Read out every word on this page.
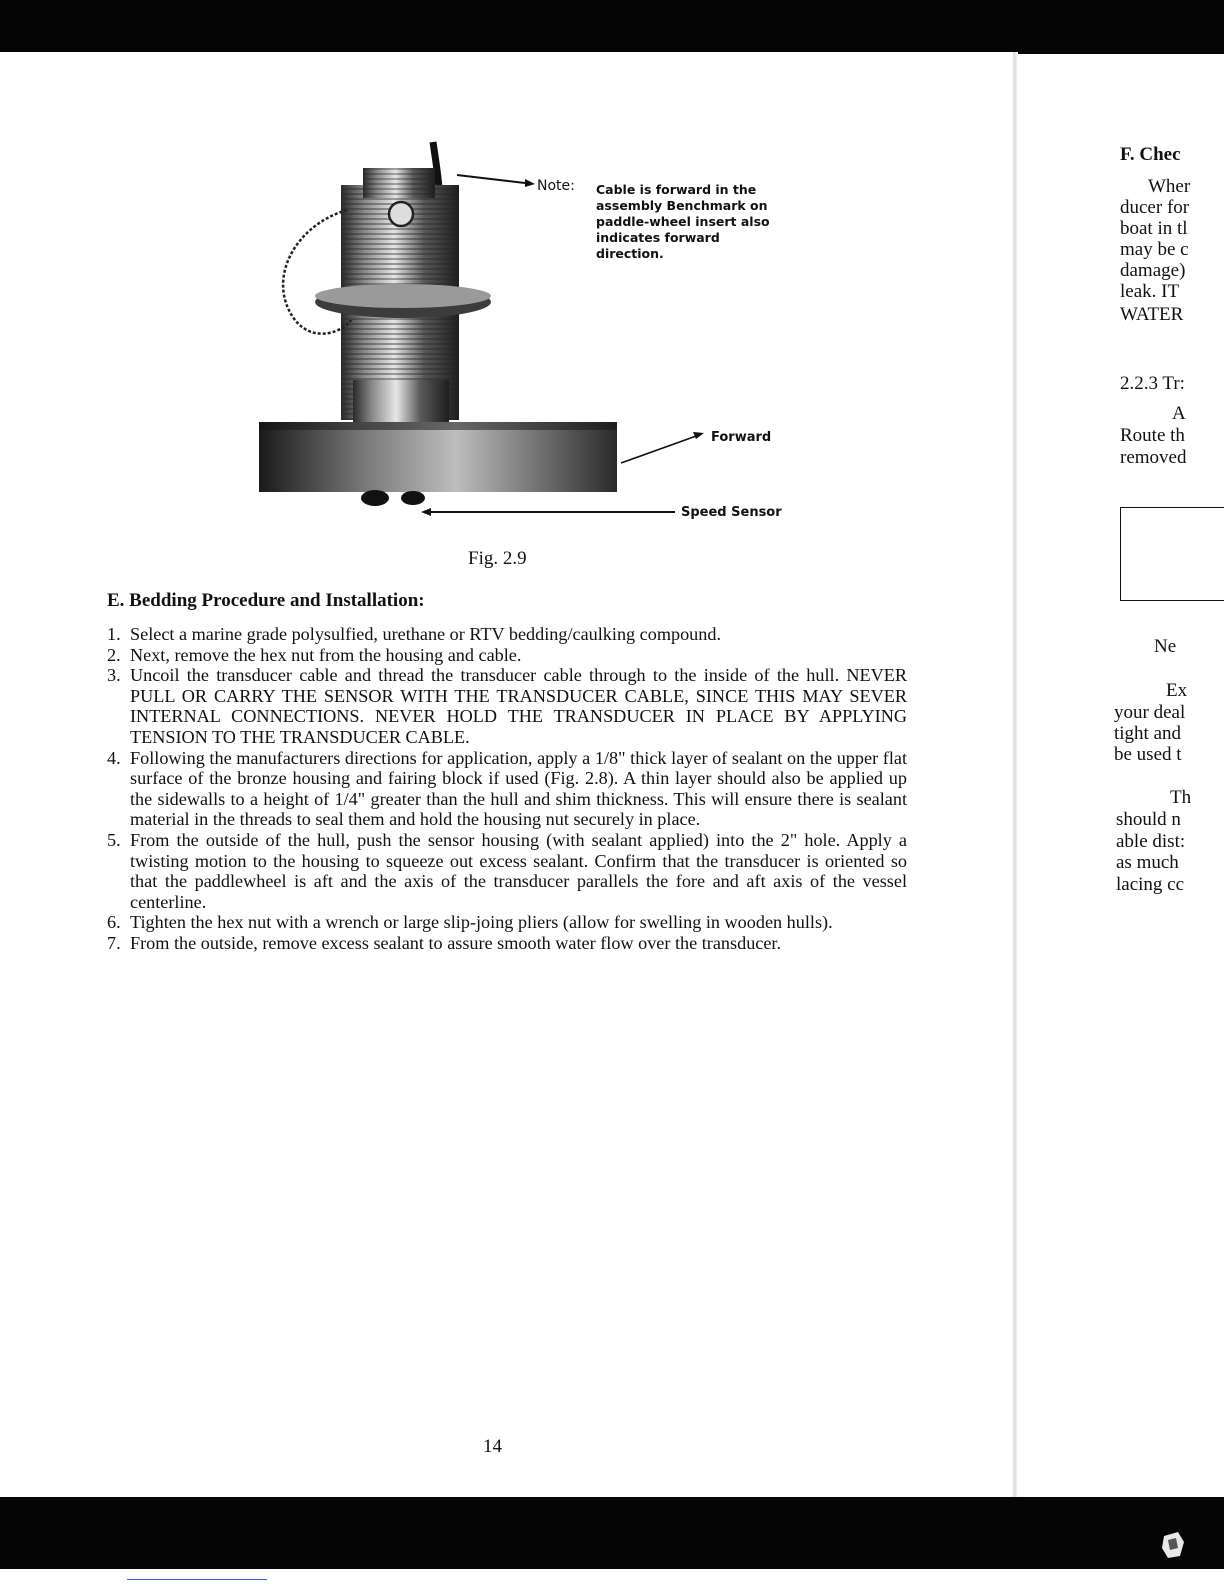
Note: Cable is forward in the assembly Benchmark on paddle-wheel insert also indicates forward direction.
Forward
Speed Sensor
Fig. 2.9
E. Bedding Procedure and Installation:
1. Select a marine grade polysulfied, urethane or RTV bedding/caulking compound.
2. Next, remove the hex nut from the housing and cable.
3. Uncoil the transducer cable and thread the transducer cable through to the inside of the hull. NEVER PULL OR CARRY THE SENSOR WITH THE TRANSDUCER CABLE, SINCE THIS MAY SEVER INTERNAL CONNECTIONS. NEVER HOLD THE TRANSDUCER IN PLACE BY APPLYING TENSION TO THE TRANSDUCER CABLE.
4. Following the manufacturers directions for application, apply a 1/8" thick layer of sealant on the upper flat surface of the bronze housing and fairing block if used (Fig. 2.8). A thin layer should also be applied up the sidewalls to a height of 1/4" greater than the hull and shim thickness. This will ensure there is sealant material in the threads to seal them and hold the housing nut securely in place.
5. From the outside of the hull, push the sensor housing (with sealant applied) into the 2" hole. Apply a twisting motion to the housing to squeeze out excess sealant. Confirm that the transducer is oriented so that the paddlewheel is aft and the axis of the transducer parallels the fore and aft axis of the vessel centerline.
6. Tighten the hex nut with a wrench or large slip-joing pliers (allow for swelling in wooden hulls).
7. From the outside, remove excess sealant to assure smooth water flow over the transducer.
14
F. Chec
Wher
ducer for
boat in tl
may be c
damage)
leak. IT
WATER
2.2.3 Tr:
A
Route th
removed
Ne
Ex
your deal
tight and
be used t
Th
should n
able dist:
as much
lacing cc
